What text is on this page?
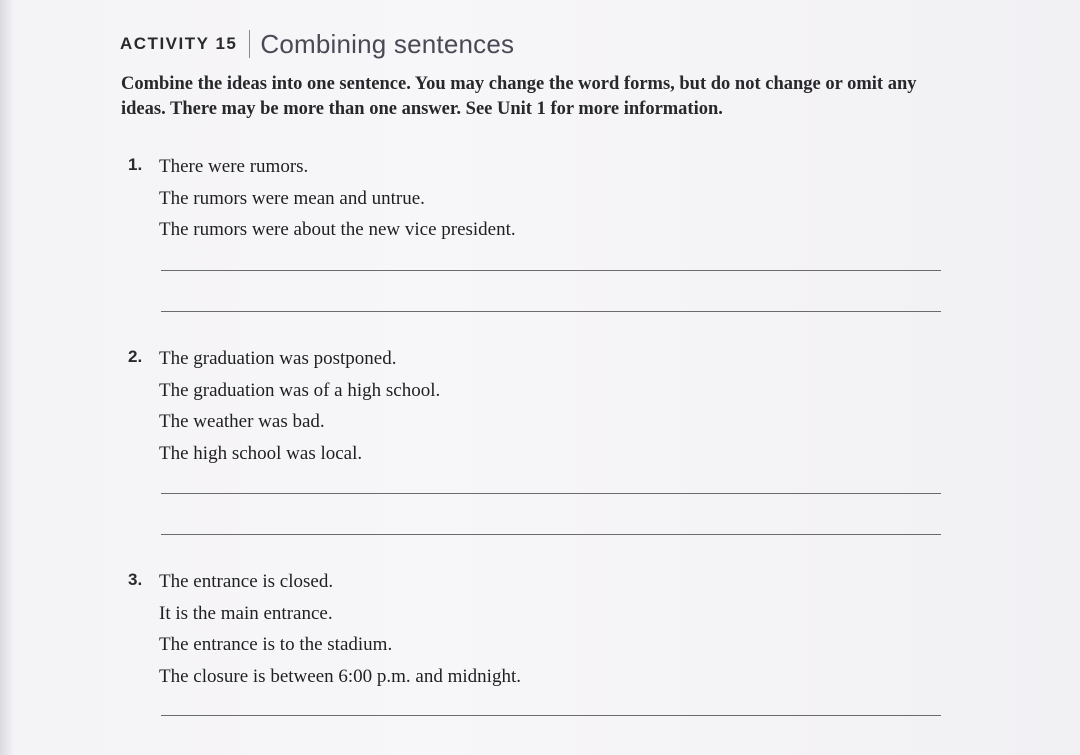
ACTIVITY 15 Combining sentences
Combine the ideas into one sentence. You may change the word forms, but do not change or omit any ideas. There may be more than one answer. See Unit 1 for more information.
1. There were rumors.
The rumors were mean and untrue.
The rumors were about the new vice president.
2. The graduation was postponed.
The graduation was of a high school.
The weather was bad.
The high school was local.
3. The entrance is closed.
It is the main entrance.
The entrance is to the stadium.
The closure is between 6:00 p.m. and midnight.
